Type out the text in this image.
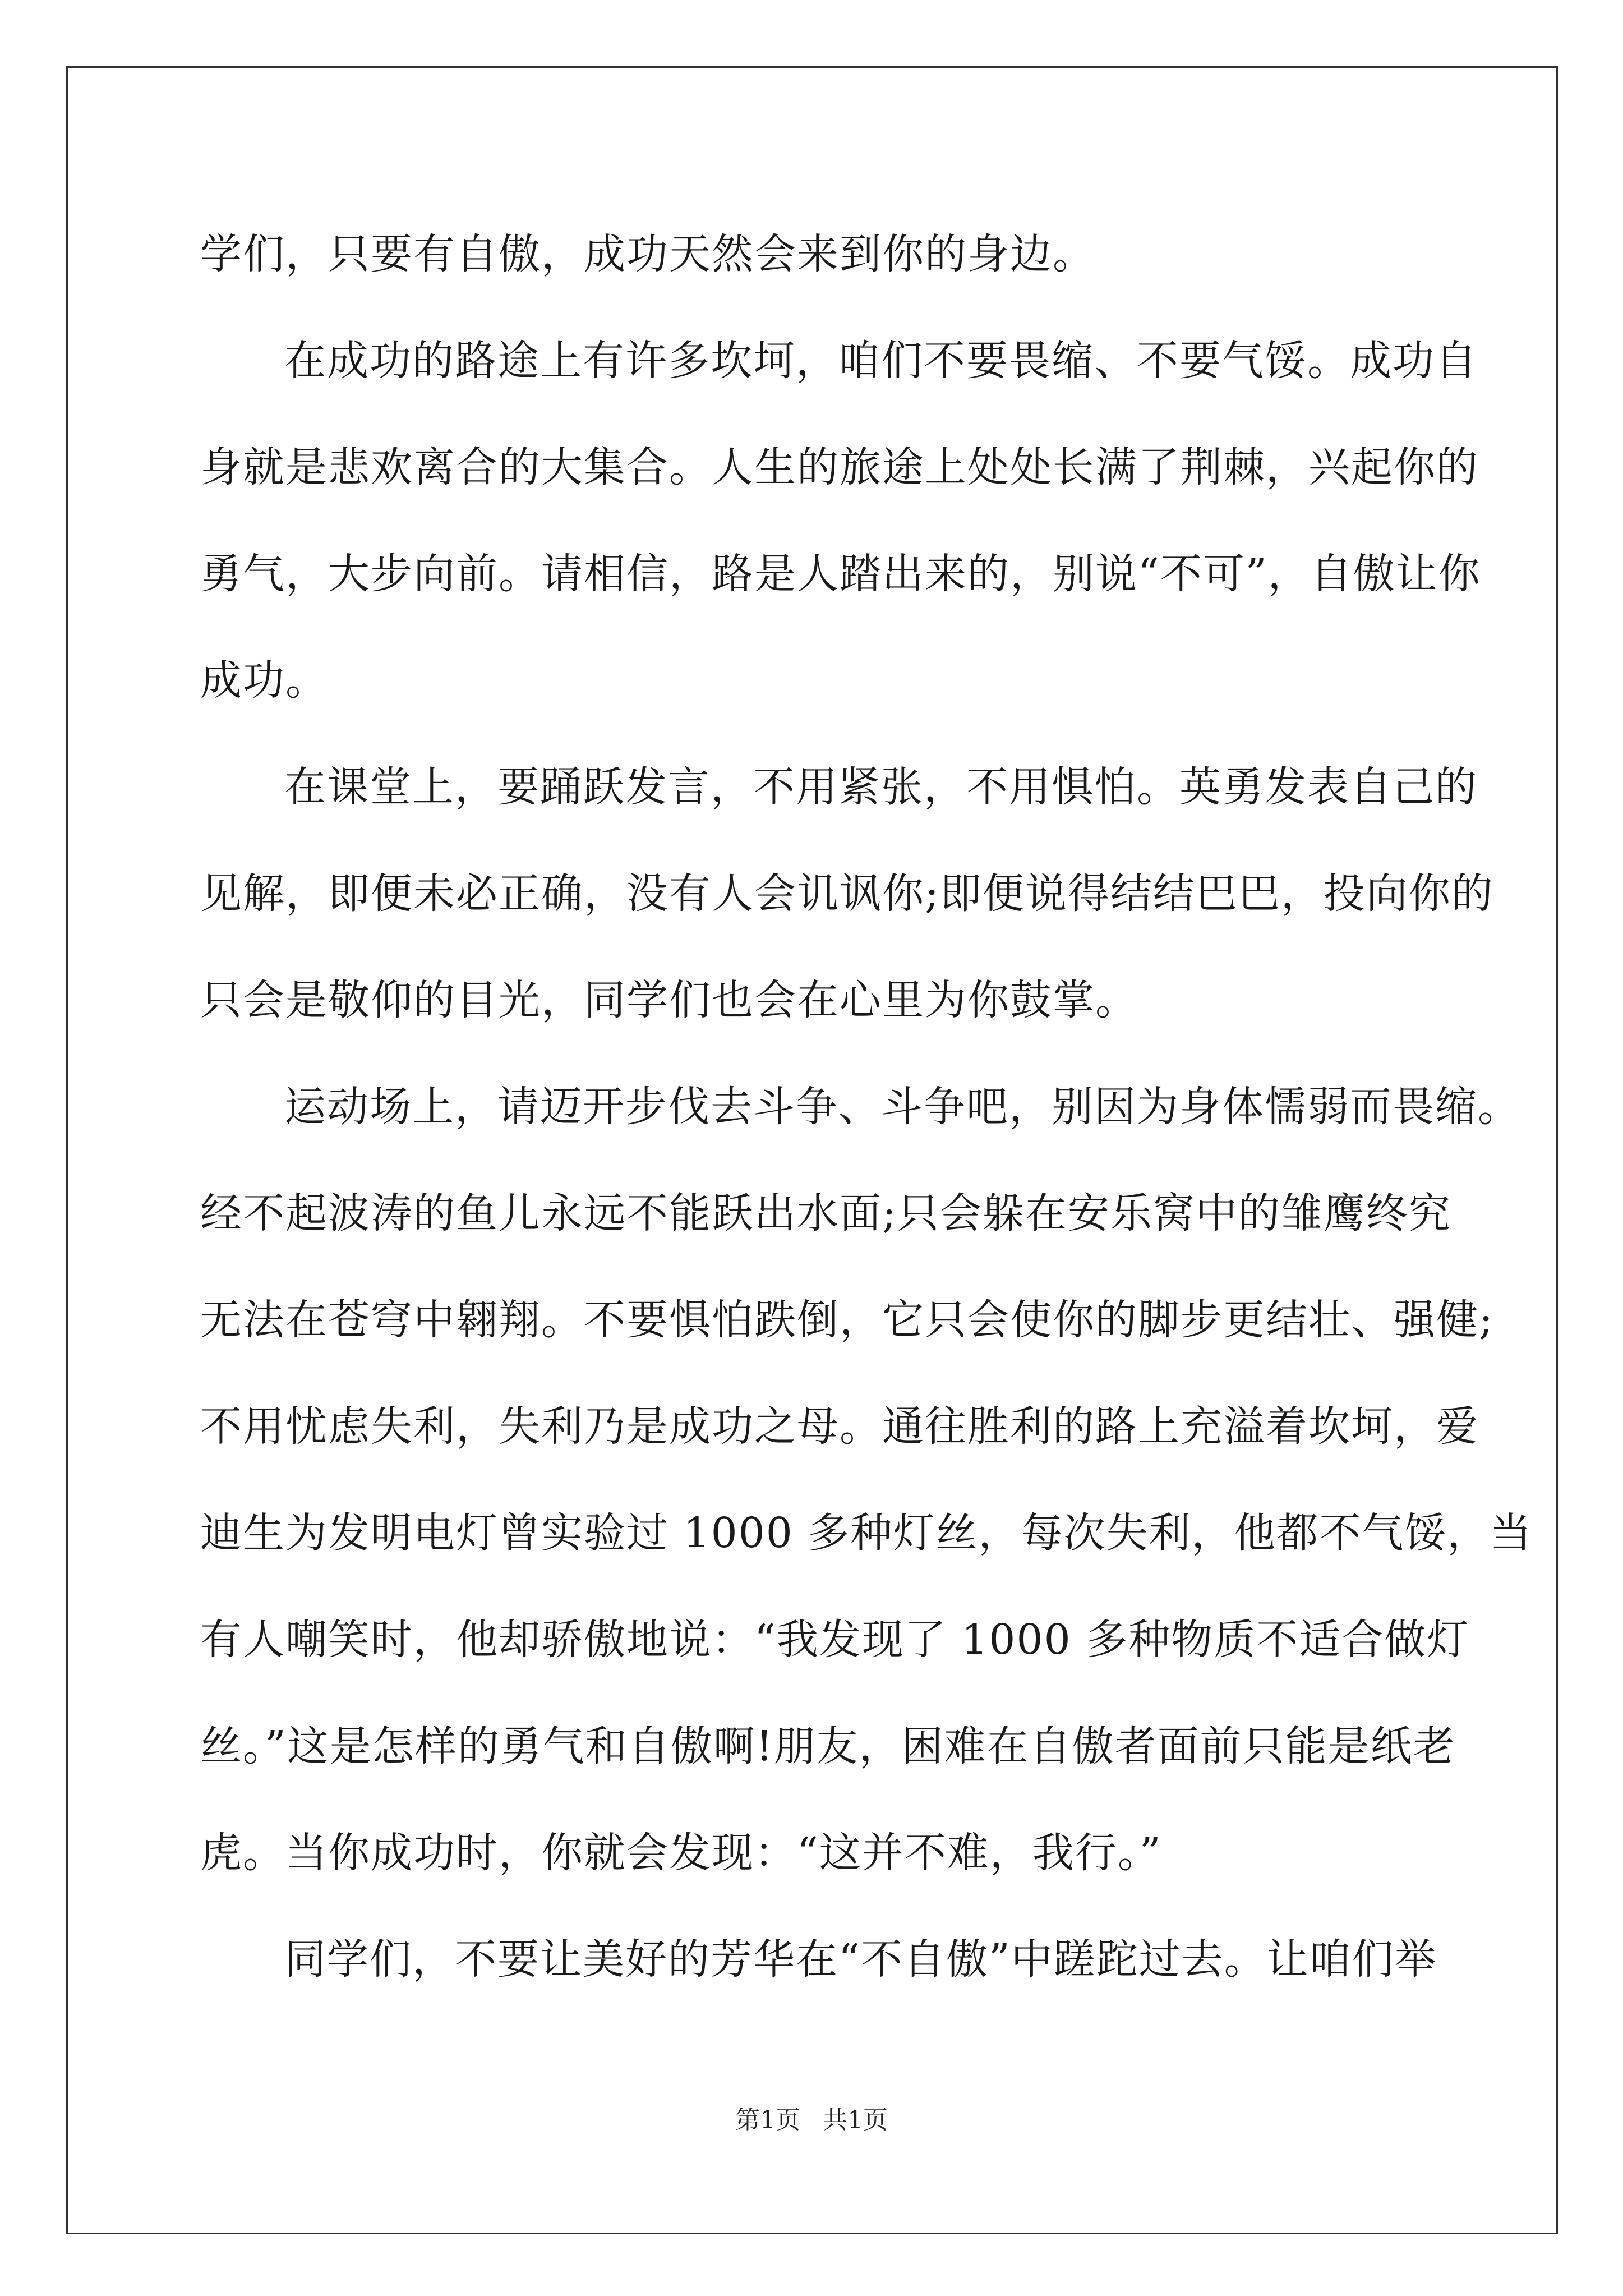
学们，只要有自傲，成功天然会来到你的身边。
在成功的路途上有许多坎坷，咱们不要畏缩、不要气馁。成功自
身就是悲欢离合的大集合。人生的旅途上处处长满了荆棘，兴起你的
勇气，大步向前。请相信，路是人踏出来的，别说“不可”，自傲让你
成功。
在课堂上，要踊跃发言，不用紧张，不用惧怕。英勇发表自己的
见解，即便未必正确，没有人会讥讽你;即便说得结结巴巴，投向你的
只会是敬仰的目光，同学们也会在心里为你鼓掌。
运动场上，请迈开步伐去斗争、斗争吧，别因为身体懦弱而畏缩。
经不起波涛的鱼儿永远不能跃出水面;只会躲在安乐窝中的雏鹰终究
无法在苍穹中翱翔。不要惧怕跌倒，它只会使你的脚步更结壮、强健;
不用忧虑失利，失利乃是成功之母。通往胜利的路上充溢着坎坷，爱
迪生为发明电灯曾实验过 1000 多种灯丝，每次失利，他都不气馁，当
有人嘲笑时，他却骄傲地说：“我发现了 1000 多种物质不适合做灯
丝。”这是怎样的勇气和自傲啊!朋友，困难在自傲者面前只能是纸老
虎。当你成功时，你就会发现：“这并不难，我行。”
同学们，不要让美好的芳华在“不自傲”中蹉跎过去。让咱们举
第1页 共1页
